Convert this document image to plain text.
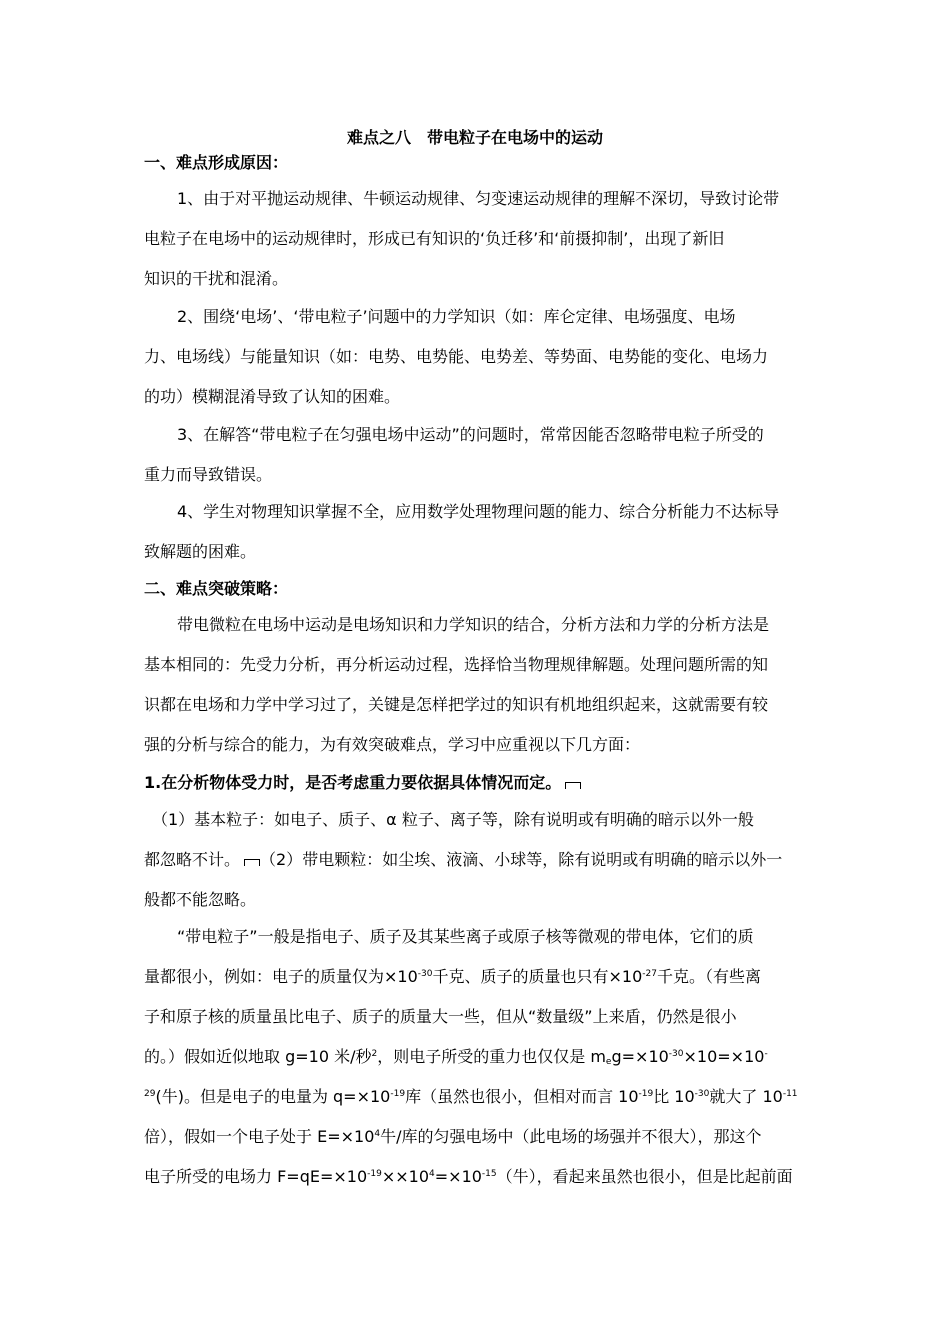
难点之八　带电粒子在电场中的运动
一、难点形成原因：
1、由于对平抛运动规律、牛顿运动规律、匀变速运动规律的理解不深切，导致讨论带
电粒子在电场中的运动规律时，形成已有知识的‘负迁移’和‘前摄抑制’，出现了新旧
知识的干扰和混淆。
2、围绕‘电场’、‘带电粒子’问题中的力学知识（如：库仑定律、电场强度、电场
力、电场线）与能量知识（如：电势、电势能、电势差、等势面、电势能的变化、电场力
的功）模糊混淆导致了认知的困难。
3、在解答“带电粒子在匀强电场中运动”的问题时，常常因能否忽略带电粒子所受的
重力而导致错误。
4、学生对物理知识掌握不全，应用数学处理物理问题的能力、综合分析能力不达标导
致解题的困难。
二、难点突破策略：
带电微粒在电场中运动是电场知识和力学知识的结合，分析方法和力学的分析方法是
基本相同的：先受力分析，再分析运动过程，选择恰当物理规律解题。处理问题所需的知
识都在电场和力学中学习过了，关键是怎样把学过的知识有机地组织起来，这就需要有较
强的分析与综合的能力，为有效突破难点，学习中应重视以下几方面：
1.在分析物体受力时，是否考虑重力要依据具体情况而定。
（1）基本粒子：如电子、质子、α 粒子、离子等，除有说明或有明确的暗示以外一般
都忽略不计。 （2）带电颗粒：如尘埃、液滴、小球等，除有说明或有明确的暗示以外一
般都不能忽略。
“带电粒子”一般是指电子、质子及其某些离子或原子核等微观的带电体，它们的质
量都很小，例如：电子的质量仅为$\times 10^{-30}$千克、质子的质量也只有$\times 10^{-27}$千克。（有些离
子和原子核的质量虽比电子、质子的质量大一些，但从“数量级”上来盾，仍然是很小
的。）假如近似地取 g=10 米/秒$^2$，则电子所受的重力也仅仅是 $m_eg=\times 10^{-30}\times 10=\times 10^-$
$^{29}$(牛)。但是电子的电量为 $q=\times 10^{-19}$库（虽然也很小，但相对而言 $10^{-19}$比 $10^{-30}$就大了 $10^{-11}$
倍），假如一个电子处于 $E=\times 10^4$牛/库的匀强电场中（此电场的场强并不很大），那这个
电子所受的电场力 $F=qE=\times 10^{-19}\times\times 10^4=\times 10^{-15}$（牛），看起来虽然也很小，但是比起前面
